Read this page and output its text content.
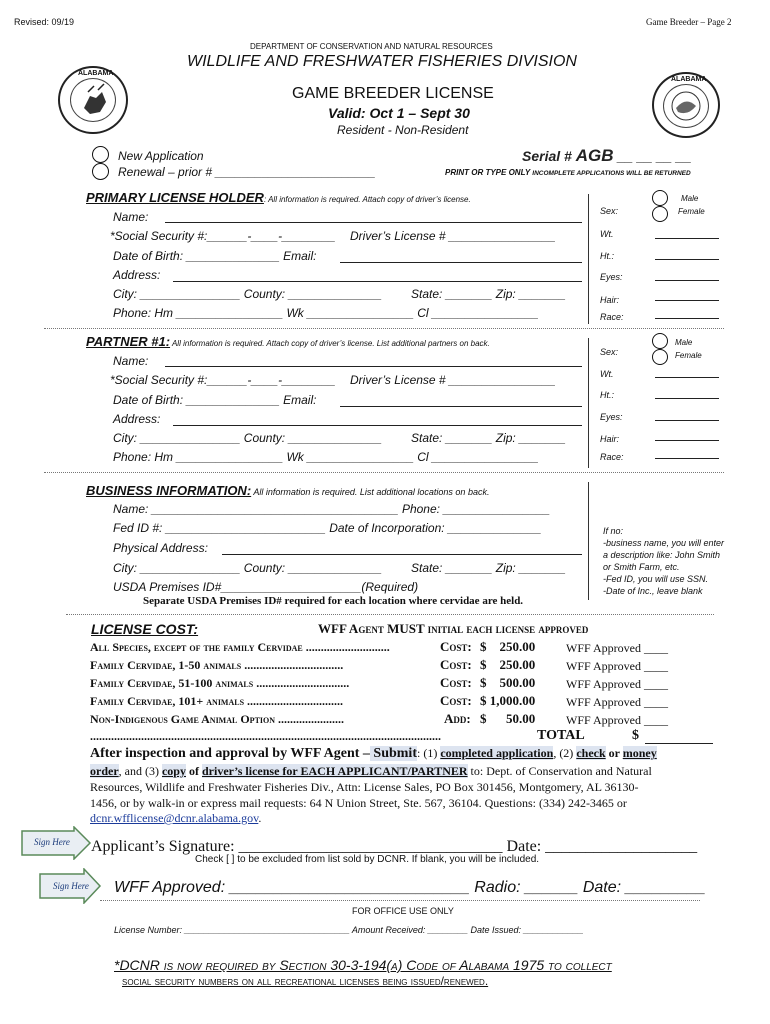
Revised: 09/19	Game Breeder – Page 2
DEPARTMENT OF CONSERVATION AND NATURAL RESOURCES
WILDLIFE AND FRESHWATER FISHERIES DIVISION
GAME BREEDER LICENSE
Valid: Oct 1 – Sept 30
Resident - Non-Resident
ALABAMA
ALABAMA
New Application
Renewal – prior # ________________________
Serial # AGB __ __ __ __
PRINT OR TYPE ONLY INCOMPLETE APPLICATIONS WILL BE RETURNED
PRIMARY LICENSE HOLDER: All information is required. Attach copy of driver’s license.
Name:
*Social Security #:______-____-________ Driver’s License # ________________
Date of Birth: ______________ Email:
Address:
City: _______________ County: ______________ State: _______ Zip: _______
Phone: Hm ________________ Wk ________________ Cl ________________
Male
Female
Sex:
Wt.
Ht.:
Eyes:
Hair:
Race:
PARTNER #1: All information is required. Attach copy of driver’s license. List additional partners on back.
Name:
*Social Security #:______-____-________ Driver’s License # ________________
Date of Birth: ______________ Email:
Address:
City: _______________ County: ______________ State: _______ Zip: _______
Phone: Hm ________________ Wk ________________ Cl ________________
Male
Female
Sex:
Wt.
Ht.:
Eyes:
Hair:
Race:
BUSINESS INFORMATION: All information is required. List additional locations on back.
Name: _____________________________________ Phone: ________________
Fed ID #: ________________________ Date of Incorporation: ______________
Physical Address:
City: _______________ County: ______________ State: _______ Zip: _______
USDA Premises ID#_____________________(Required)
Separate USDA Premises ID# required for each location where cervidae are held.
If no:
-business name, you will enter
a description like: John Smith
or Smith Farm, etc.
-Fed ID, you will use SSN.
-Date of Inc., leave blank
LICENSE COST:	WFF Agent MUST initial each license approved
All Species, except of the family Cervidae ............................	Cost: $    250.00	WFF Approved ____
Family Cervidae, 1-50 animals .................................	Cost: $    250.00	WFF Approved ____
Family Cervidae, 51-100 animals ...............................	Cost: $    500.00	WFF Approved ____
Family Cervidae, 101+ animals ................................	Cost: $ 1,000.00	WFF Approved ____
Non-Indigenous Game Animal Option ......................	Add: $      50.00	WFF Approved ____
.....................................................................................................................	TOTAL	$
After inspection and approval by WFF Agent – Submit: (1) completed application, (2) check or money
order, and (3) copy of driver’s license for EACH APPLICANT/PARTNER to: Dept. of Conservation and Natural
Resources, Wildlife and Freshwater Fisheries Div., Attn: License Sales, PO Box 301456, Montgomery, AL 36130-
1456, or by walk-in or express mail requests: 64 N Union Street, Ste. 567, 36104. Questions: (334) 242-3465 or
dcnr.wfflicense@dcnr.alabama.gov.
Sign Here Applicant’s Signature: _________________________________ Date: ___________________
Check [ ] to be excluded from list sold by DCNR. If blank, you will be included.
Sign Here WFF Approved: ___________________________ Radio: ______ Date: _________
FOR OFFICE USE ONLY
License Number: _________________________________ Amount Received: ________ Date Issued: ____________
*DCNR is now required by Section 30-3-194(a) Code of Alabama 1975 to collect
social security numbers on all recreational licenses being issued/renewed.
